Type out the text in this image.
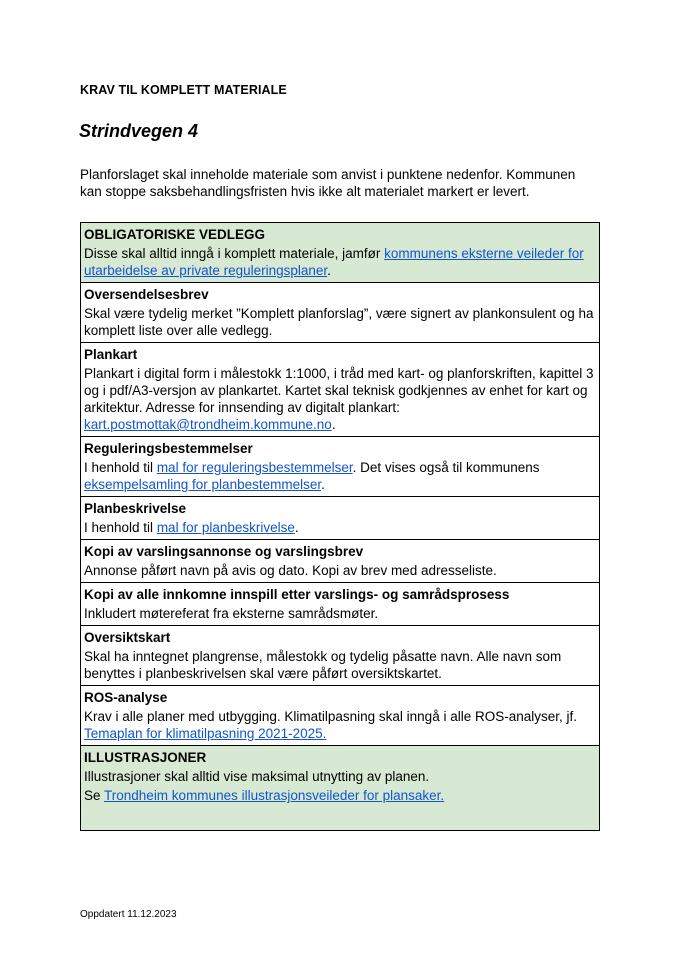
KRAV TIL KOMPLETT MATERIALE
Strindvegen 4
Planforslaget skal inneholde materiale som anvist i punktene nedenfor. Kommunen kan stoppe saksbehandlingsfristen hvis ikke alt materialet markert er levert.
OBLIGATORISKE VEDLEGG
Disse skal alltid inngå i komplett materiale, jamfør kommunens eksterne veileder for utarbeidelse av private reguleringsplaner.
Oversendelsesbrev
Skal være tydelig merket ”Komplett planforslag”, være signert av plankonsulent og ha komplett liste over alle vedlegg.
Plankart
Plankart i digital form i målestokk 1:1000, i tråd med kart- og planforskriften, kapittel 3 og i pdf/A3-versjon av plankartet. Kartet skal teknisk godkjennes av enhet for kart og arkitektur. Adresse for innsending av digitalt plankart:
kart.postmottak@trondheim.kommune.no.
Reguleringsbestemmelser
I henhold til mal for reguleringsbestemmelser. Det vises også til kommunens eksempelsamling for planbestemmelser.
Planbeskrivelse
I henhold til mal for planbeskrivelse.
Kopi av varslingsannonse og varslingsbrev
Annonse påført navn på avis og dato. Kopi av brev med adresseliste.
Kopi av alle innkomne innspill etter varslings- og samrådsprosess
Inkludert møtereferat fra eksterne samrådsmøter.
Oversiktskart
Skal ha inntegnet plangrense, målestokk og tydelig påsatte navn. Alle navn som benyttes i planbeskrivelsen skal være påført oversiktskartet.
ROS-analyse
Krav i alle planer med utbygging. Klimatilpasning skal inngå i alle ROS-analyser, jf.
Temaplan for klimatilpasning 2021-2025.
ILLUSTRASJONER

Illustrasjoner skal alltid vise maksimal utnytting av planen.

Se Trondheim kommunes illustrasjonsveileder for plansaker.

Oppdatert 11.12.2023
